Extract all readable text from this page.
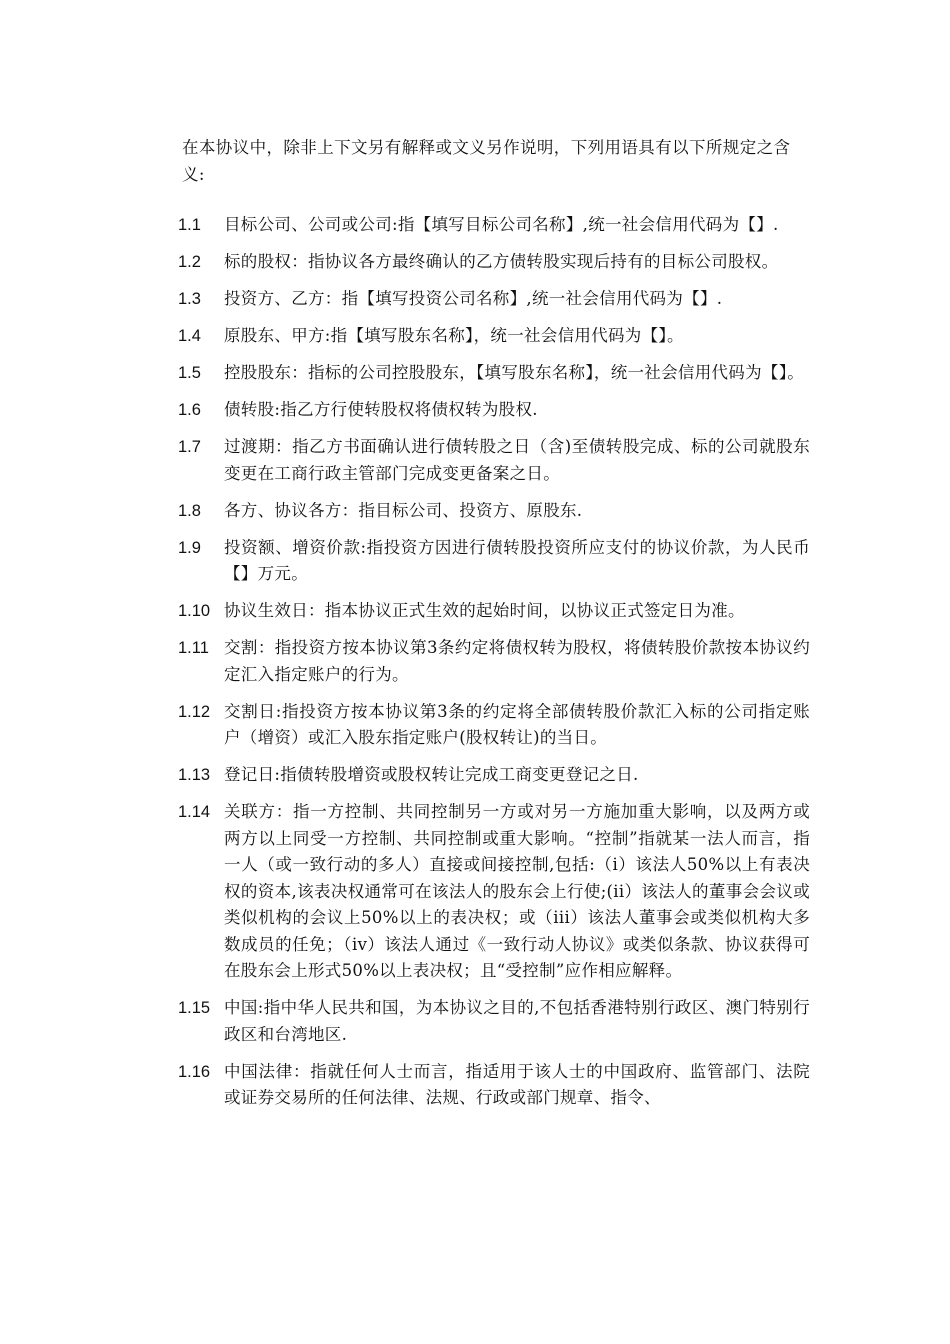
在本协议中，除非上下文另有解释或文义另作说明，下列用语具有以下所规定之含义:

1.1	目标公司、公司或公司:指【填写目标公司名称】,统一社会信用代码为【】.
1.2	标的股权：指协议各方最终确认的乙方债转股实现后持有的目标公司股权。
1.3	投资方、乙方：指【填写投资公司名称】,统一社会信用代码为【】.
1.4	原股东、甲方:指【填写股东名称】，统一社会信用代码为【】。
1.5	控股股东：指标的公司控股股东，【填写股东名称】，统一社会信用代码为【】。
1.6	债转股:指乙方行使转股权将债权转为股权.
1.7	过渡期：指乙方书面确认进行债转股之日（含)至债转股完成、标的公司就股东变更在工商行政主管部门完成变更备案之日。
1.8	各方、协议各方：指目标公司、投资方、原股东.
1.9	投资额、增资价款:指投资方因进行债转股投资所应支付的协议价款，为人民币【】万元。
1.10 协议生效日：指本协议正式生效的起始时间，以协议正式签定日为准。
1.11 交割：指投资方按本协议第3条约定将债权转为股权，将债转股价款按本协议约定汇入指定账户的行为。
1.12 交割日:指投资方按本协议第3条的约定将全部债转股价款汇入标的公司指定账户（增资）或汇入股东指定账户(股权转让)的当日。
1.13 登记日:指债转股增资或股权转让完成工商变更登记之日.
1.14 关联方：指一方控制、共同控制另一方或对另一方施加重大影响，以及两方或两方以上同受一方控制、共同控制或重大影响。“控制”指就某一法人而言，指一人（或一致行动的多人）直接或间接控制,包括:（i）该法人50%以上有表决权的资本,该表决权通常可在该法人的股东会上行使;(ii）该法人的董事会会议或类似机构的会议上50%以上的表决权；或（iii）该法人董事会或类似机构大多数成员的任免；（iv）该法人通过《一致行动人协议》或类似条款、协议获得可在股东会上形式50%以上表决权；且“受控制”应作相应解释。
1.15 中国:指中华人民共和国，为本协议之目的,不包括香港特别行政区、澳门特别行政区和台湾地区.
1.16 中国法律：指就任何人士而言，指适用于该人士的中国政府、监管部门、法院或证券交易所的任何法律、法规、行政或部门规章、指令、
